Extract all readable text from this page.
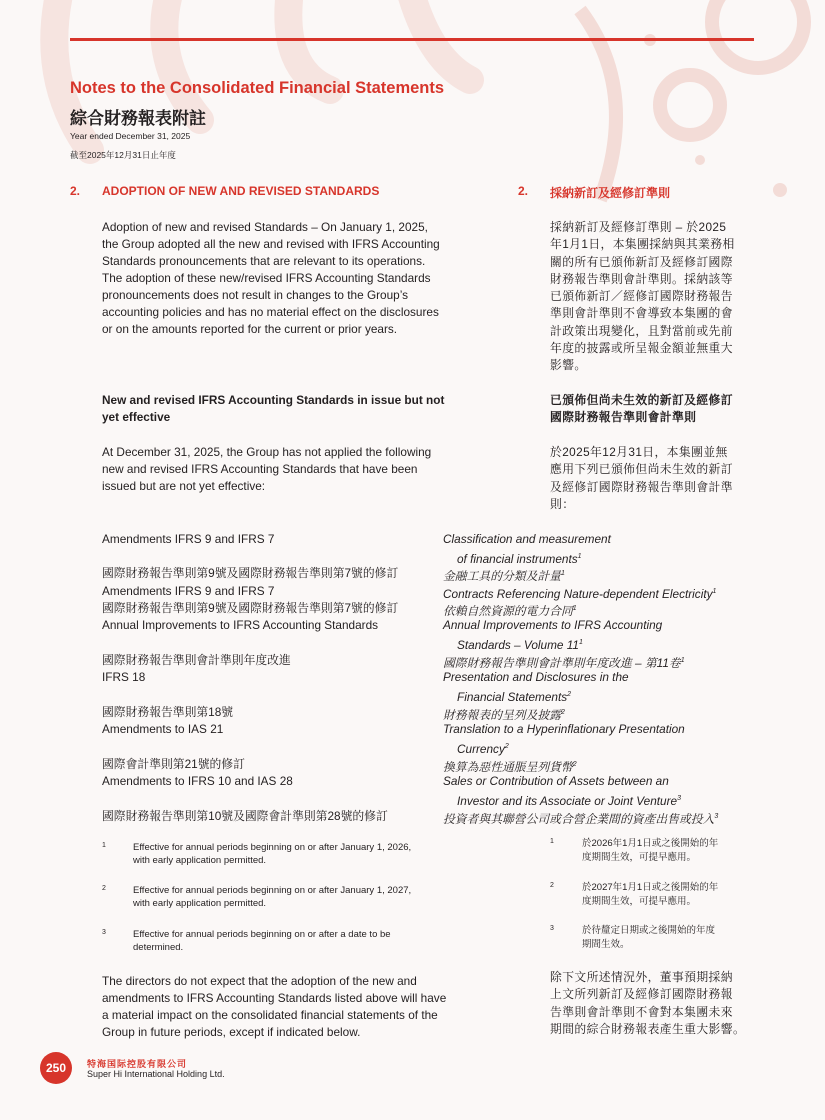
Notes to the Consolidated Financial Statements
綜合財務報表附註
Year ended December 31, 2025
截至2025年12月31日止年度
2. ADOPTION OF NEW AND REVISED STANDARDS	2. 採納新訂及經修訂準則
Adoption of new and revised Standards – On January 1, 2025,
the Group adopted all the new and revised with IFRS Accounting
Standards pronouncements that are relevant to its operations.
The adoption of these new/revised IFRS Accounting Standards
pronouncements does not result in changes to the Group’s
accounting policies and has no material effect on the disclosures
or on the amounts reported for the current or prior years.
採納新訂及經修訂準則 – 於2025
年1月1日，本集團採納與其業務相
關的所有已頒佈新訂及經修訂國際
財務報告準則會計準則。採納該等
已頒佈新訂／經修訂國際財務報告
準則會計準則不會導致本集團的會
計政策出現變化，且對當前或先前
年度的披露或所呈報金額並無重大
影響。
New and revised IFRS Accounting Standards in issue but not
yet effective
已頒佈但尚未生效的新訂及經修訂
國際財務報告準則會計準則
At December 31, 2025, the Group has not applied the following
new and revised IFRS Accounting Standards that have been
issued but are not yet effective:
於2025年12月31日，本集團並無
應用下列已頒佈但尚未生效的新訂
及經修訂國際財務報告準則會計準
則：
Amendments IFRS 9 and IFRS 7	Classification and measurement
of financial instruments$^1$
國際財務報告準則第9號及國際財務報告準則第7號的修訂	金融工具的分類及計量$^1$
Amendments IFRS 9 and IFRS 7	Contracts Referencing Nature-dependent Electricity$^1$
國際財務報告準則第9號及國際財務報告準則第7號的修訂	依賴自然資源的電力合同$^1$
Annual Improvements to IFRS Accounting Standards	Annual Improvements to IFRS Accounting
Standards – Volume $11^1$
國際財務報告準則會計準則年度改進	國際財務報告準則會計準則年度改進 – 第11卷$^1$
IFRS 18	Presentation and Disclosures in the
Financial Statements$^2$
國際財務報告準則第18號	財務報表的呈列及披露$^2$
Amendments to IAS 21	Translation to a Hyperinflationary Presentation
Currency$^2$
國際會計準則第21號的修訂	換算為惡性通脹呈列貨幣$^2$
Amendments to IFRS 10 and IAS 28	Sales or Contribution of Assets between an
Investor and its Associate or Joint Venture$^3$
國際財務報告準則第10號及國際會計準則第28號的修訂	投資者與其聯營公司或合營企業間的資產出售或投入$^3$
1	Effective for annual periods beginning on or after January 1, 2026,
with early application permitted.
1	於2026年1月1日或之後開始的年
度期間生效，可提早應用。
2	Effective for annual periods beginning on or after January 1, 2027,
with early application permitted.
2	於2027年1月1日或之後開始的年
度期間生效，可提早應用。
3	Effective for annual periods beginning on or after a date to be
determined.
3	於待釐定日期或之後開始的年度
期間生效。
The directors do not expect that the adoption of the new and
amendments to IFRS Accounting Standards listed above will have
a material impact on the consolidated financial statements of the
Group in future periods, except if indicated below.
除下文所述情況外，董事預期採納
上文所列新訂及經修訂國際財務報
告準則會計準則不會對本集團未來
期間的綜合財務報表產生重大影響。
250	特海国际控股有限公司
Super Hi International Holding Ltd.
